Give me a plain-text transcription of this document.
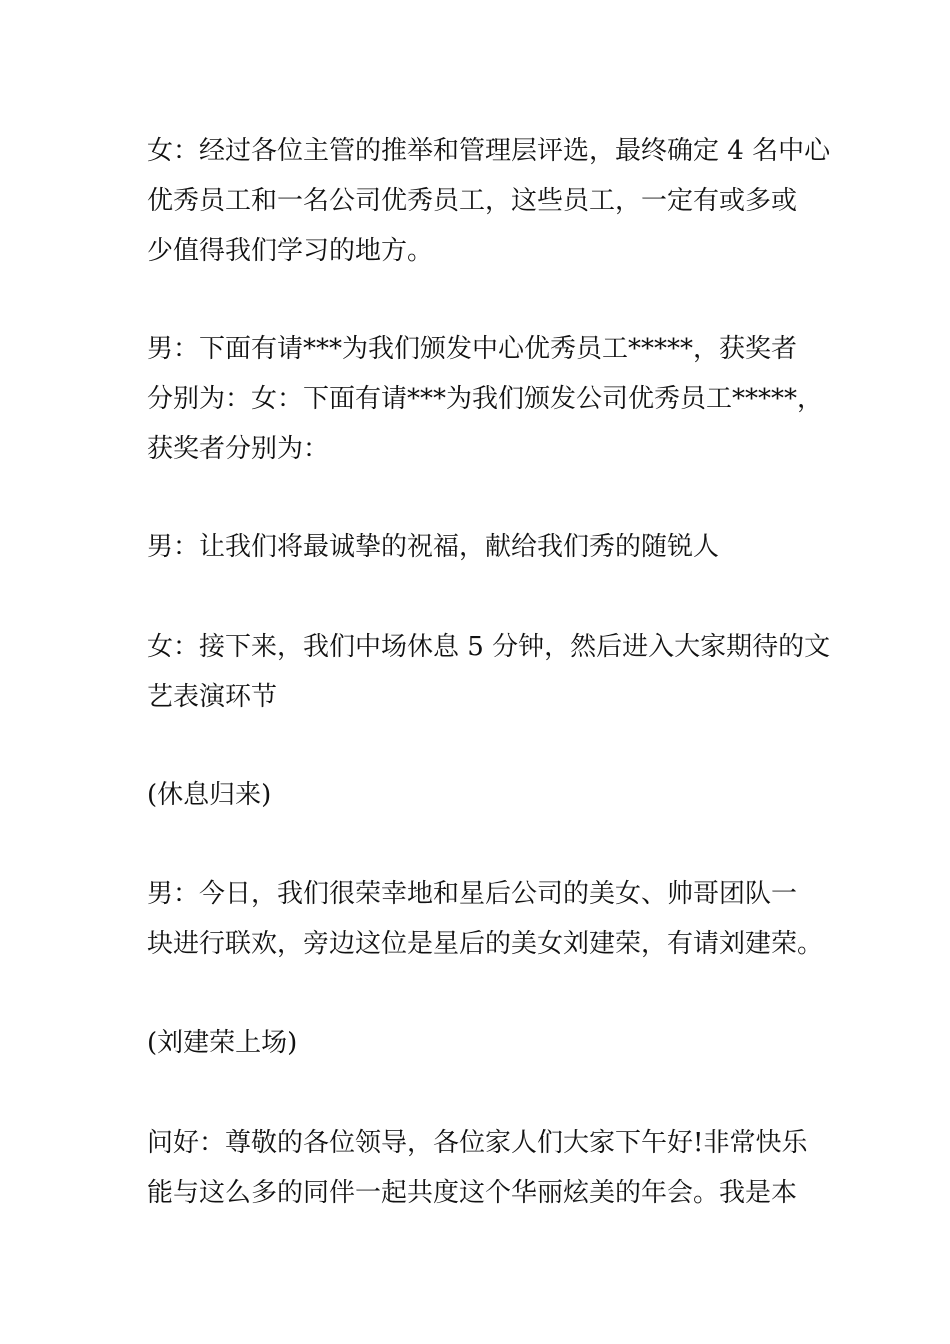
女：经过各位主管的推举和管理层评选，最终确定 4 名中心
优秀员工和一名公司优秀员工，这些员工，一定有或多或
少值得我们学习的地方。
男：下面有请***为我们颁发中心优秀员工*****，获奖者
分别为：女：下面有请***为我们颁发公司优秀员工*****，
获奖者分别为：
男：让我们将最诚挚的祝福，献给我们秀的随锐人
女：接下来，我们中场休息 5 分钟，然后进入大家期待的文
艺表演环节
(休息归来)
男：今日，我们很荣幸地和星后公司的美女、帅哥团队一
块进行联欢，旁边这位是星后的美女刘建荣，有请刘建荣。
(刘建荣上场)
问好：尊敬的各位领导，各位家人们大家下午好!非常快乐
能与这么多的同伴一起共度这个华丽炫美的年会。我是本
